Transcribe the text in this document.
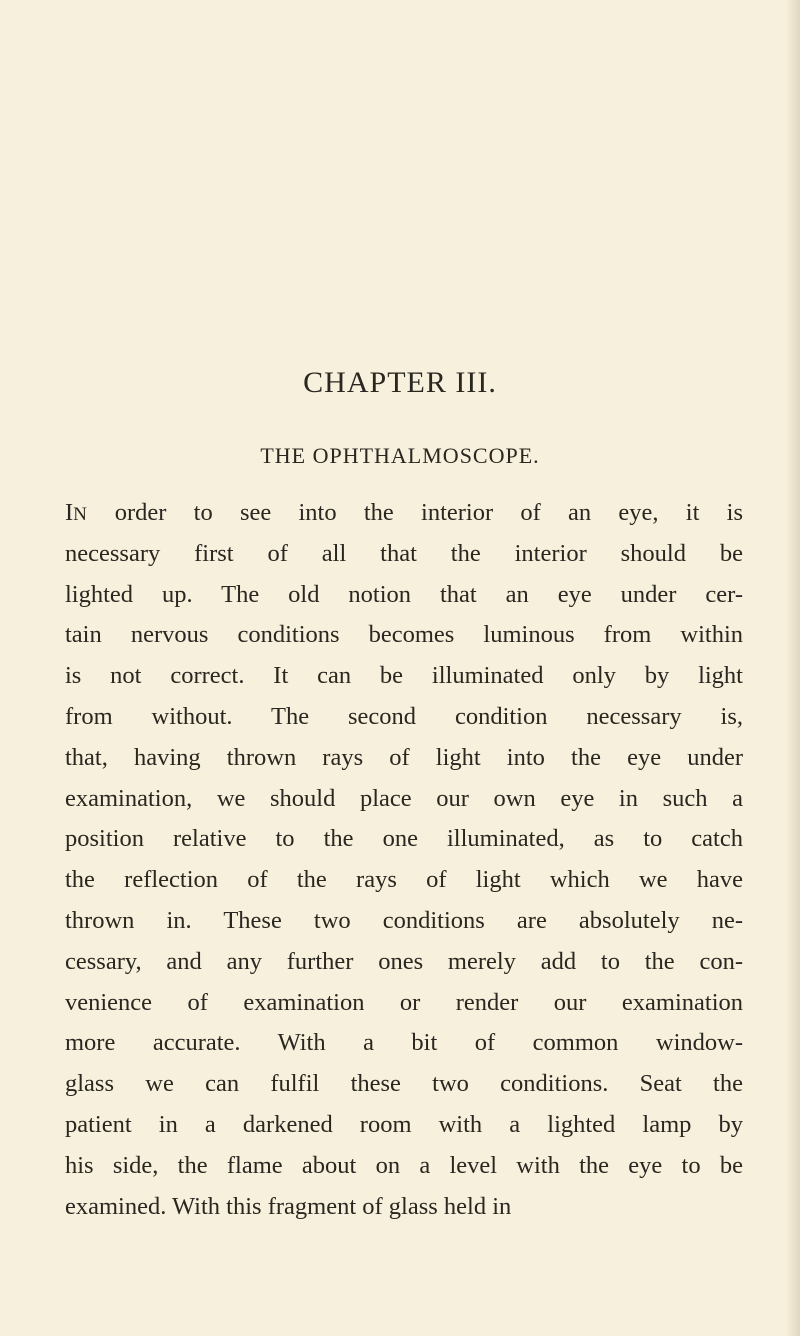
CHAPTER III.
THE OPHTHALMOSCOPE.
IN order to see into the interior of an eye, it is
necessary first of all that the interior should be
lighted up. The old notion that an eye under cer-
tain nervous conditions becomes luminous from within
is not correct. It can be illuminated only by light
from without. The second condition necessary is,
that, having thrown rays of light into the eye under
examination, we should place our own eye in such a
position relative to the one illuminated, as to catch
the reflection of the rays of light which we have
thrown in. These two conditions are absolutely ne-
cessary, and any further ones merely add to the con-
venience of examination or render our examination
more accurate. With a bit of common window-
glass we can fulfil these two conditions. Seat the
patient in a darkened room with a lighted lamp by
his side, the flame about on a level with the eye to be
examined. With this fragment of glass held in
